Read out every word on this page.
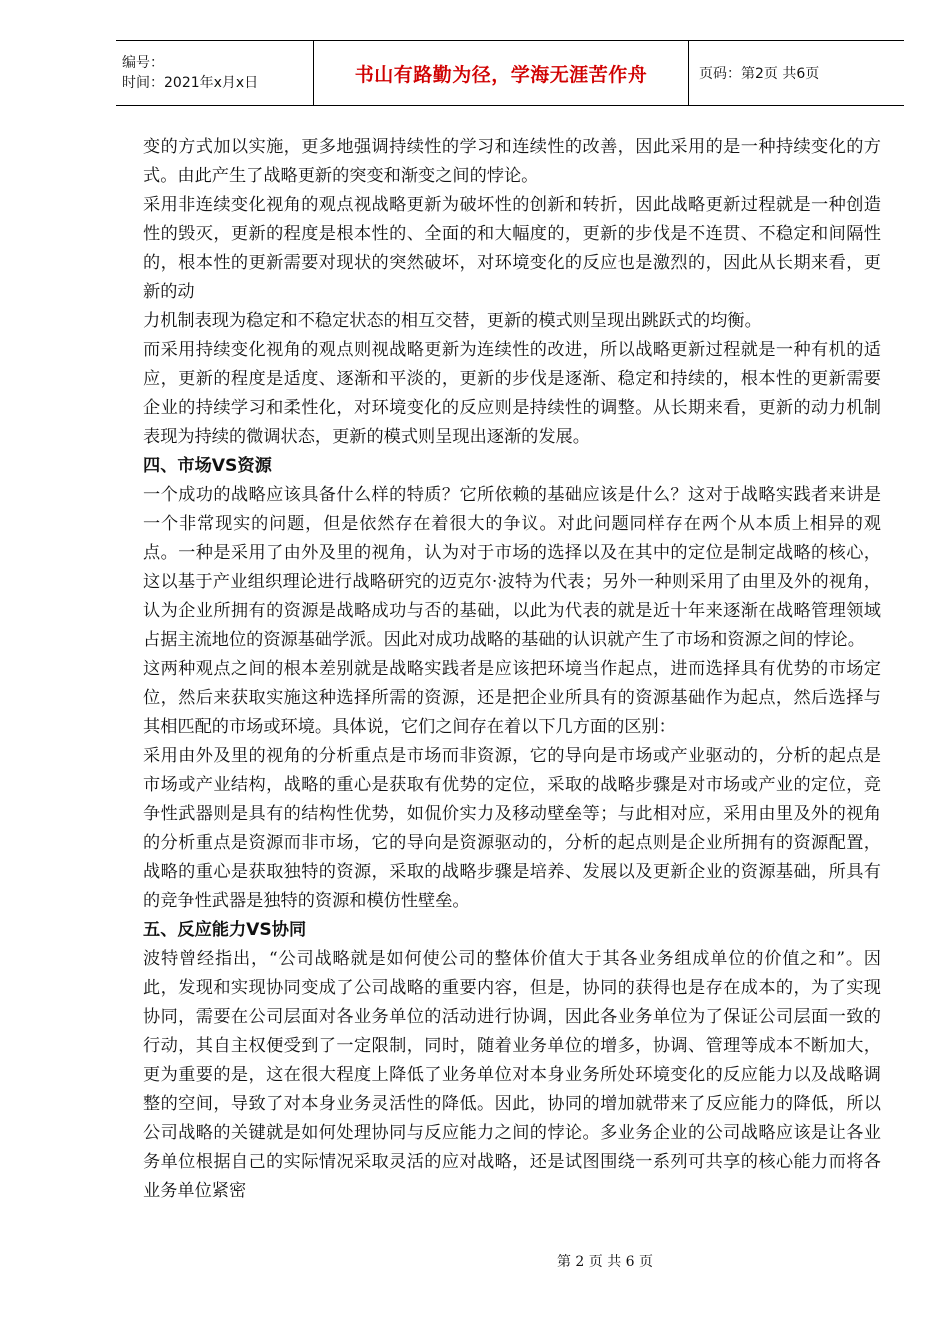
编号：
时间：2021年x月x日	书山有路勤为径，学海无涯苦作舟	页码：第2页 共6页

变的方式加以实施，更多地强调持续性的学习和连续性的改善，因此采用的是一种持续变化的方式。由此产生了战略更新的突变和渐变之间的悖论。

采用非连续变化视角的观点视战略更新为破坏性的创新和转折，因此战略更新过程就是一种创造性的毁灭，更新的程度是根本性的、全面的和大幅度的，更新的步伐是不连贯、不稳定和间隔性的，根本性的更新需要对现状的突然破坏，对环境变化的反应也是激烈的，因此从长期来看，更新的动

力机制表现为稳定和不稳定状态的相互交替，更新的模式则呈现出跳跃式的均衡。

而采用持续变化视角的观点则视战略更新为连续性的改进，所以战略更新过程就是一种有机的适应，更新的程度是适度、逐渐和平淡的，更新的步伐是逐渐、稳定和持续的，根本性的更新需要企业的持续学习和柔性化，对环境变化的反应则是持续性的调整。从长期来看，更新的动力机制表现为持续的微调状态，更新的模式则呈现出逐渐的发展。

四、市场VS资源

一个成功的战略应该具备什么样的特质？它所依赖的基础应该是什么？这对于战略实践者来讲是一个非常现实的问题，但是依然存在着很大的争议。对此问题同样存在两个从本质上相异的观点。一种是采用了由外及里的视角，认为对于市场的选择以及在其中的定位是制定战略的核心，这以基于产业组织理论进行战略研究的迈克尔·波特为代表；另外一种则采用了由里及外的视角，认为企业所拥有的资源是战略成功与否的基础，以此为代表的就是近十年来逐渐在战略管理领域占据主流地位的资源基础学派。因此对成功战略的基础的认识就产生了市场和资源之间的悖论。

这两种观点之间的根本差别就是战略实践者是应该把环境当作起点，进而选择具有优势的市场定位，然后来获取实施这种选择所需的资源，还是把企业所具有的资源基础作为起点，然后选择与其相匹配的市场或环境。具体说，它们之间存在着以下几方面的区别：

采用由外及里的视角的分析重点是市场而非资源，它的导向是市场或产业驱动的，分析的起点是市场或产业结构，战略的重心是获取有优势的定位，采取的战略步骤是对市场或产业的定位，竞争性武器则是具有的结构性优势，如侃价实力及移动壁垒等；与此相对应，采用由里及外的视角的分析重点是资源而非市场，它的导向是资源驱动的，分析的起点则是企业所拥有的资源配置，战略的重心是获取独特的资源，采取的战略步骤是培养、发展以及更新企业的资源基础，所具有的竞争性武器是独特的资源和模仿性壁垒。

五、反应能力VS协同

波特曾经指出，“公司战略就是如何使公司的整体价值大于其各业务组成单位的价值之和”。因此，发现和实现协同变成了公司战略的重要内容，但是，协同的获得也是存在成本的，为了实现协同，需要在公司层面对各业务单位的活动进行协调，因此各业务单位为了保证公司层面一致的行动，其自主权便受到了一定限制，同时，随着业务单位的增多，协调、管理等成本不断加大，更为重要的是，这在很大程度上降低了业务单位对本身业务所处环境变化的反应能力以及战略调整的空间，导致了对本身业务灵活性的降低。因此，协同的增加就带来了反应能力的降低，所以公司战略的关键就是如何处理协同与反应能力之间的悖论。多业务企业的公司战略应该是让各业务单位根据自己的实际情况采取灵活的应对战略，还是试图围绕一系列可共享的核心能力而将各业务单位紧密

第 2 页 共 6 页
